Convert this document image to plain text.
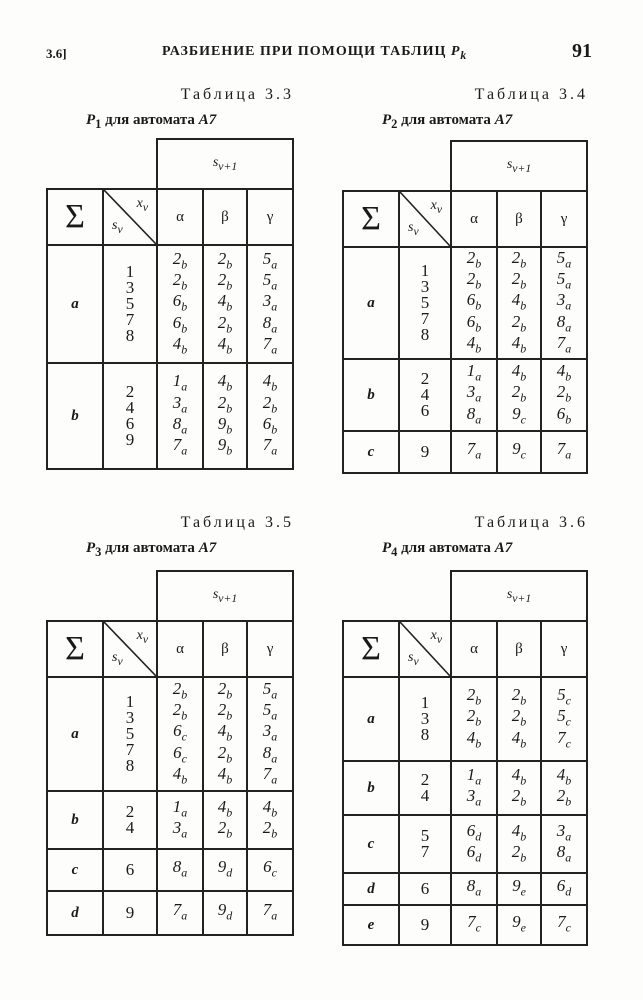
3.6]	РАЗБИЕНИЕ ПРИ ПОМОЩИ ТАБЛИЦ $P_k$	91
Таблица 3.3
$P_1$ для автомата A7
		$s_{\nu+1}$
Σ	$x_\nu$
$s_\nu$	α	β	γ
a	1
3
5
7
8	$2_b$
$2_b$
$6_b$
$6_b$
$4_b$	$2_b$
$2_b$
$4_b$
$2_b$
$4_b$	$5_a$
$5_a$
$3_a$
$8_a$
$7_a$

b	2
4
6
9	$1_a$
$3_a$
$8_a$
$7_a$	$4_b$
$2_b$
$9_b$
$9_b$	$4_b$
$2_b$
$6_b$
$7_a$
Таблица 3.4
$P_2$ для автомата A7
		$s_{\nu+1}$
Σ	$x_\nu$
$s_\nu$	α	β	γ
a	1
3
5
7
8	$2_b$
$2_b$
$6_b$
$6_b$
$4_b$	$2_b$
$2_b$
$4_b$
$2_b$
$4_b$	$5_a$
$5_a$
$3_a$
$8_a$
$7_a$

b	2
4
6	$1_a$
$3_a$
$8_a$	$4_b$
$2_b$
$9_c$	$4_b$
$2_b$
$6_b$

c	9	$7_a$	$9_c$	$7_a$
Таблица 3.5
$P_3$ для автомата A7
		$s_{\nu+1}$
Σ	$x_\nu$
$s_\nu$	α	β	γ
a	1
3
5
7
8	$2_b$
$2_b$
$6_c$
$6_c$
$4_b$	$2_b$
$2_b$
$4_b$
$2_b$
$4_b$	$5_a$
$5_a$
$3_a$
$8_a$
$7_a$

b	2
4	$1_a$
$3_a$	$4_b$
$2_b$	$4_b$
$2_b$

c	6	$8_a$	$9_d$	$6_c$

d	9	$7_a$	$9_d$	$7_a$
Таблица 3.6
$P_4$ для автомата A7
		$s_{\nu+1}$
Σ	$x_\nu$
$s_\nu$	α	β	γ
a	1
3
8	$2_b$
$2_b$
$4_b$	$2_b$
$2_b$
$4_b$	$5_c$
$5_c$
$7_c$

b	2
4	$1_a$
$3_a$	$4_b$
$2_b$	$4_b$
$2_b$

c	5
7	$6_d$
$6_d$	$4_b$
$2_b$	$3_a$
$8_a$

d	6	$8_a$	$9_e$	$6_d$

e	9	$7_c$	$9_e$	$7_c$
